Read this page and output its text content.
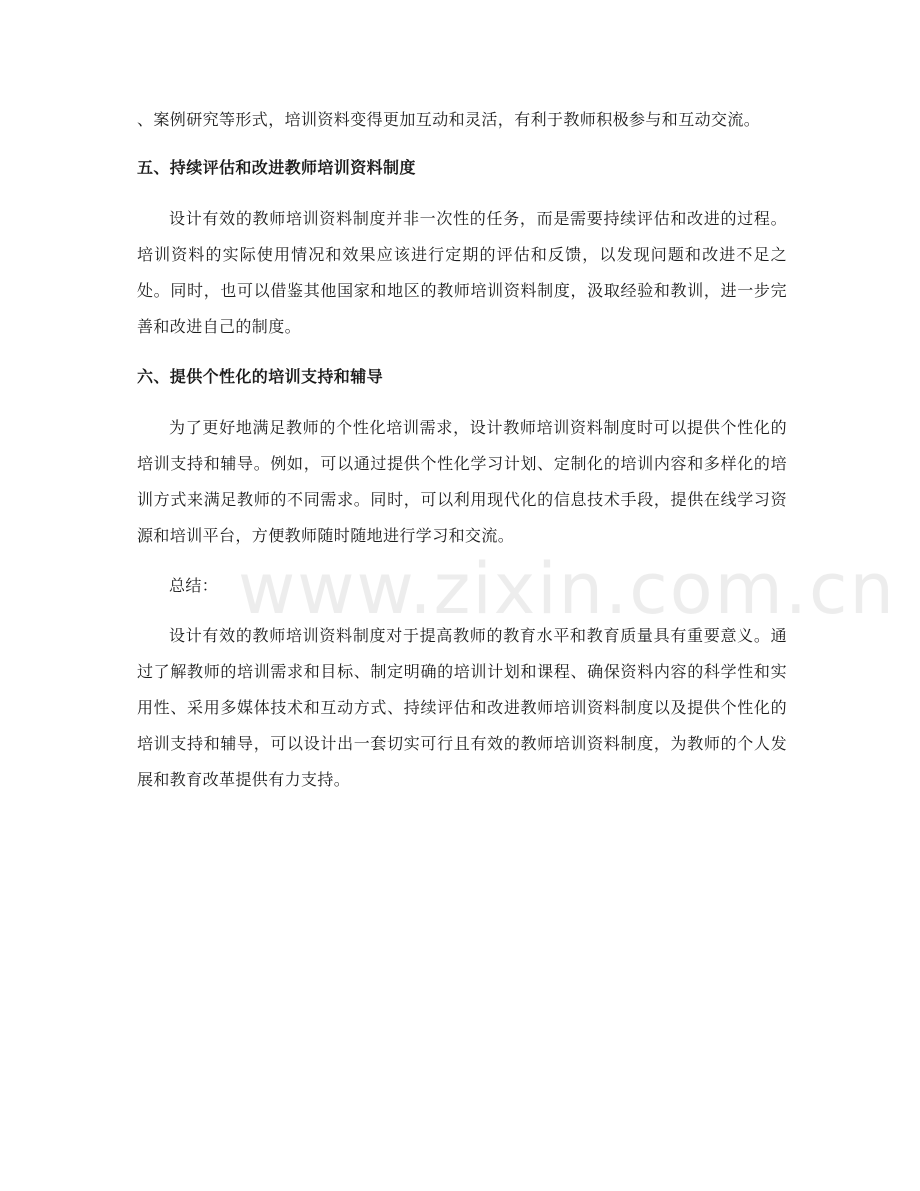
、案例研究等形式，培训资料变得更加互动和灵活，有利于教师积极参与和互动交流。

五、持续评估和改进教师培训资料制度

设计有效的教师培训资料制度并非一次性的任务，而是需要持续评估和改进的过程。培训资料的实际使用情况和效果应该进行定期的评估和反馈，以发现问题和改进不足之处。同时，也可以借鉴其他国家和地区的教师培训资料制度，汲取经验和教训，进一步完善和改进自己的制度。

六、提供个性化的培训支持和辅导

为了更好地满足教师的个性化培训需求，设计教师培训资料制度时可以提供个性化的培训支持和辅导。例如，可以通过提供个性化学习计划、定制化的培训内容和多样化的培训方式来满足教师的不同需求。同时，可以利用现代化的信息技术手段，提供在线学习资源和培训平台，方便教师随时随地进行学习和交流。

总结：

设计有效的教师培训资料制度对于提高教师的教育水平和教育质量具有重要意义。通过了解教师的培训需求和目标、制定明确的培训计划和课程、确保资料内容的科学性和实用性、采用多媒体技术和互动方式、持续评估和改进教师培训资料制度以及提供个性化的培训支持和辅导，可以设计出一套切实可行且有效的教师培训资料制度，为教师的个人发展和教育改革提供有力支持。

www.zixin.com.cn
